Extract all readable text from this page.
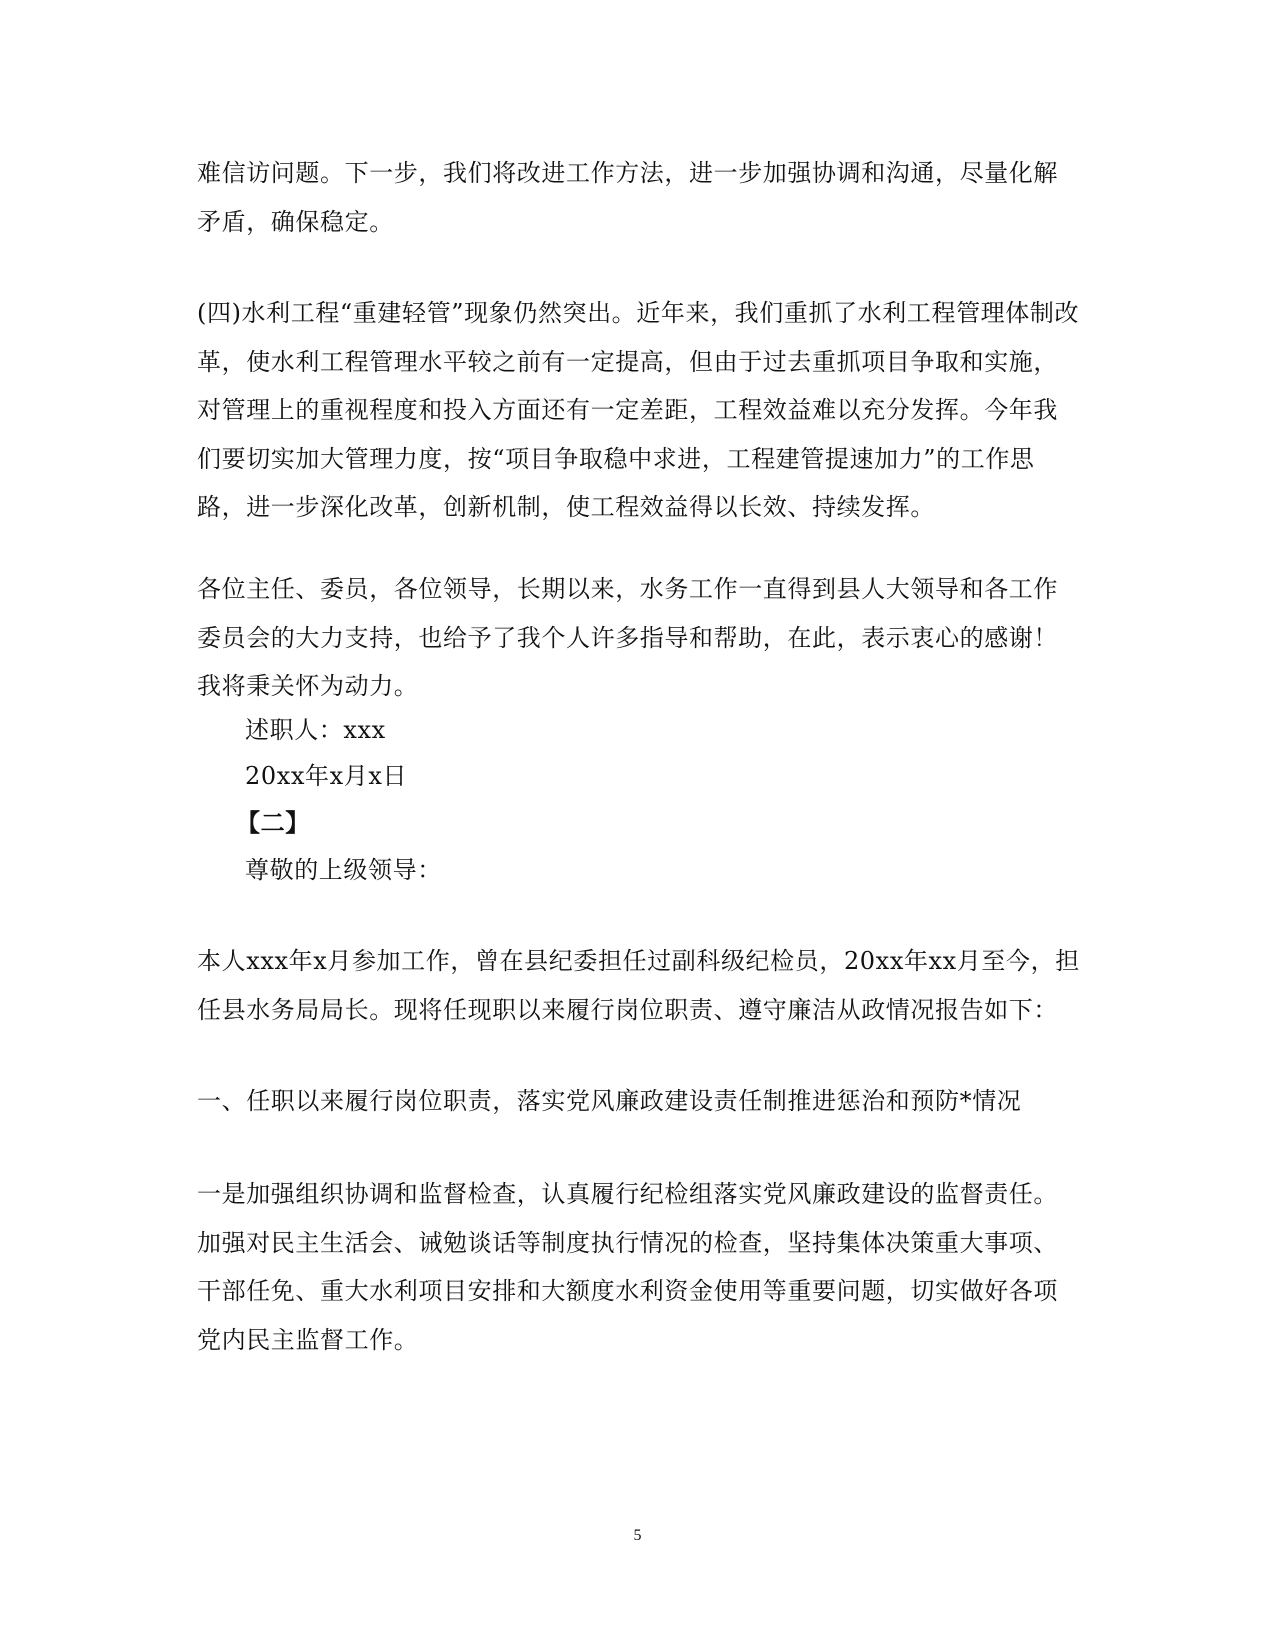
难信访问题。下一步，我们将改进工作方法，进一步加强协调和沟通，尽量化解矛盾，确保稳定。
(四)水利工程“重建轻管”现象仍然突出。近年来，我们重抓了水利工程管理体制改革，使水利工程管理水平较之前有一定提高，但由于过去重抓项目争取和实施，对管理上的重视程度和投入方面还有一定差距，工程效益难以充分发挥。今年我们要切实加大管理力度，按“项目争取稳中求进，工程建管提速加力”的工作思路，进一步深化改革，创新机制，使工程效益得以长效、持续发挥。
各位主任、委员，各位领导，长期以来，水务工作一直得到县人大领导和各工作委员会的大力支持，也给予了我个人许多指导和帮助，在此，表示衷心的感谢！我将秉关怀为动力。
述职人：xxx
20xx年x月x日
【二】
尊敬的上级领导：
本人xxx年x月参加工作，曾在县纪委担任过副科级纪检员，20xx年xx月至今，担任县水务局局长。现将任现职以来履行岗位职责、遵守廉洁从政情况报告如下：
一、任职以来履行岗位职责，落实党风廉政建设责任制推进惩治和预防*情况
一是加强组织协调和监督检查，认真履行纪检组落实党风廉政建设的监督责任。加强对民主生活会、诫勉谈话等制度执行情况的检查，坚持集体决策重大事项、干部任免、重大水利项目安排和大额度水利资金使用等重要问题，切实做好各项党内民主监督工作。
5
